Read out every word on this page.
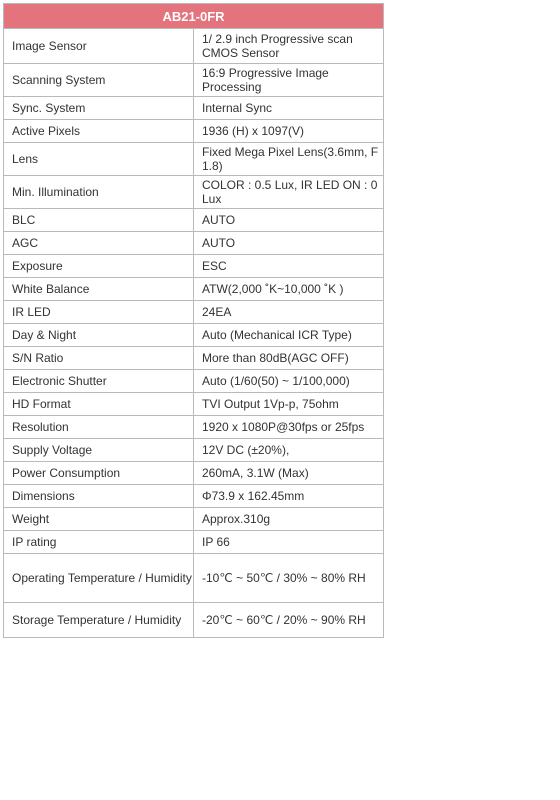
AB21-0FR	
Image Sensor	1/ 2.9 inch Progressive scan CMOS Sensor
Scanning System	16:9 Progressive Image Processing
Sync. System	Internal Sync
Active Pixels	1936 (H) x 1097(V)
Lens	Fixed Mega Pixel Lens(3.6mm, F 1.8)
Min. Illumination	COLOR : 0.5 Lux, IR LED ON : 0 Lux
BLC	AUTO
AGC	AUTO
Exposure	ESC
White Balance	ATW(2,000 ˚K~10,000 ˚K )
IR LED	24EA
Day & Night	Auto (Mechanical ICR Type)
S/N Ratio	More than 80dB(AGC OFF)
Electronic Shutter	Auto (1/60(50) ~ 1/100,000)
HD Format	TVI Output 1Vp-p, 75ohm
Resolution	1920 x 1080P@30fps or 25fps
Supply Voltage	12V DC (±20%),
Power Consumption	260mA, 3.1W (Max)
Dimensions	Φ73.9 x 162.45mm
Weight	Approx.310g
IP rating	IP 66
Operating Temperature / Humidity	-10℃ ~ 50℃ / 30% ~ 80% RH
Storage Temperature / Humidity	-20℃ ~ 60℃ / 20% ~ 90% RH
